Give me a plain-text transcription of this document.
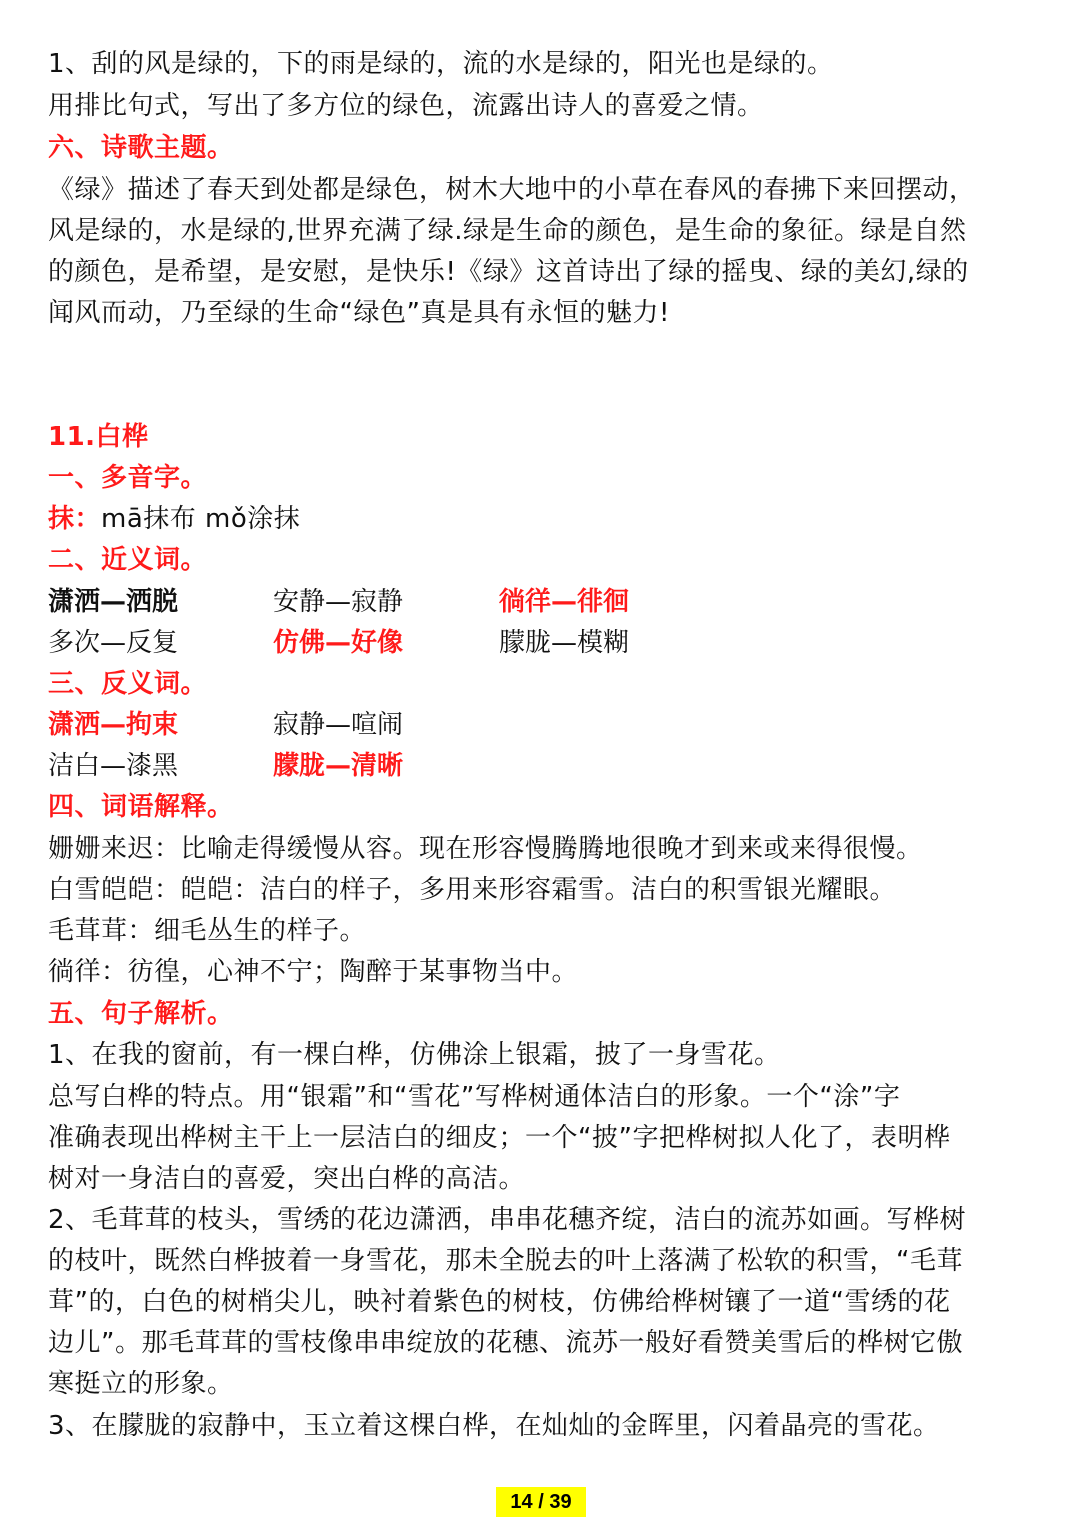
1、刮的风是绿的，下的雨是绿的，流的水是绿的，阳光也是绿的。
用排比句式，写出了多方位的绿色，流露出诗人的喜爱之情。
六、诗歌主题。
《绿》描述了春天到处都是绿色，树木大地中的小草在春风的春拂下来回摆动，
风是绿的，水是绿的,世界充满了绿.绿是生命的颜色，是生命的象征。绿是自然
的颜色，是希望，是安慰，是快乐!《绿》这首诗出了绿的摇曳、绿的美幻,绿的
闻风而动，乃至绿的生命“绿色”真是具有永恒的魅力!
11.白桦
一、多音字。
抹：mā抹布 mǒ涂抹
二、近义词。
潇洒—洒脱	安静—寂静	徜徉—徘徊
多次—反复	仿佛—好像	朦胧—模糊
三、反义词。
潇洒—拘束	寂静—喧闹
洁白—漆黑	朦胧—清晰
四、词语解释。
姗姗来迟：比喻走得缓慢从容。现在形容慢腾腾地很晚才到来或来得很慢。
白雪皑皑：皑皑：洁白的样子，多用来形容霜雪。洁白的积雪银光耀眼。
毛茸茸：细毛丛生的样子。
徜徉：彷徨，心神不宁；陶醉于某事物当中。
五、句子解析。
1、在我的窗前，有一棵白桦，仿佛涂上银霜，披了一身雪花。
总写白桦的特点。用“银霜”和“雪花”写桦树通体洁白的形象。一个“涂”字
准确表现出桦树主干上一层洁白的细皮；一个“披”字把桦树拟人化了，表明桦
树对一身洁白的喜爱，突出白桦的高洁。
2、毛茸茸的枝头，雪绣的花边潇洒，串串花穗齐绽，洁白的流苏如画。写桦树
的枝叶，既然白桦披着一身雪花，那未全脱去的叶上落满了松软的积雪，“毛茸
茸”的，白色的树梢尖儿，映衬着紫色的树枝，仿佛给桦树镶了一道“雪绣的花
边儿”。那毛茸茸的雪枝像串串绽放的花穗、流苏一般好看赞美雪后的桦树它傲
寒挺立的形象。
3、在朦胧的寂静中，玉立着这棵白桦，在灿灿的金晖里，闪着晶亮的雪花。
14 / 39
